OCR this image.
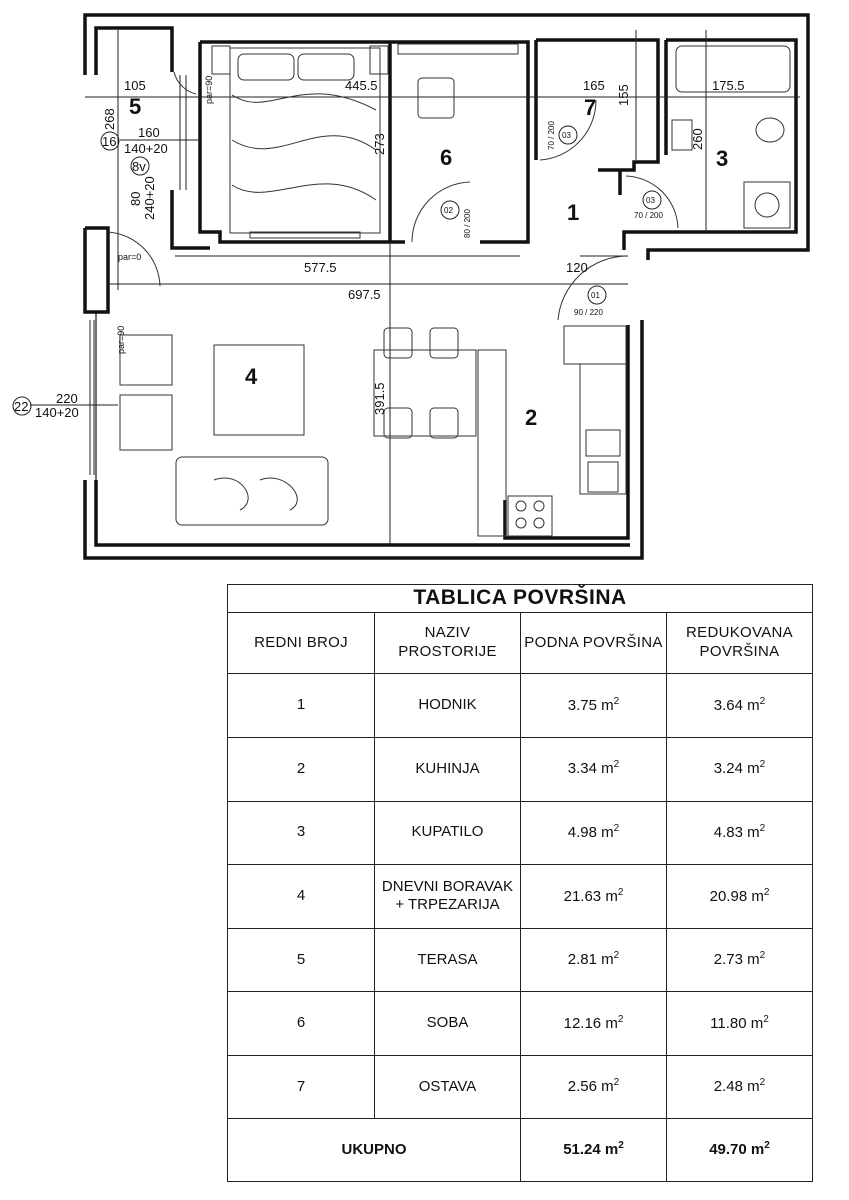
1
2
3
4
5
6
7
105	445.5	165 155	175.5
268
273	260
160
140+20
80 240+20
577.5	120
697.5
391.5
220
140+20
par=90
par=0
par=90
01
90 / 220
02 80 / 200
03
70 / 200
03
70 / 200
16
8v
22
TABLICA POVRŠINA			
REDNI BROJ	NAZIV PROSTORIJE	PODNA POVRŠINA	REDUKOVANA POVRŠINA
1	HODNIK	3.75 $m^2$	3.64 $m^2$
2	KUHINJA	3.34 $m^2$	3.24 $m^2$
3	KUPATILO	4.98 $m^2$	4.83 $m^2$
4	DNEVNI BORAVAK + TRPEZARIJA	21.63 $m^2$	20.98 $m^2$
5	TERASA	2.81 $m^2$	2.73 $m^2$
6	SOBA	12.16 $m^2$	11.80 $m^2$
7	OSTAVA	2.56 $m^2$	2.48 $m^2$
UKUPNO		51.24 $m^2$	49.70 $m^2$
